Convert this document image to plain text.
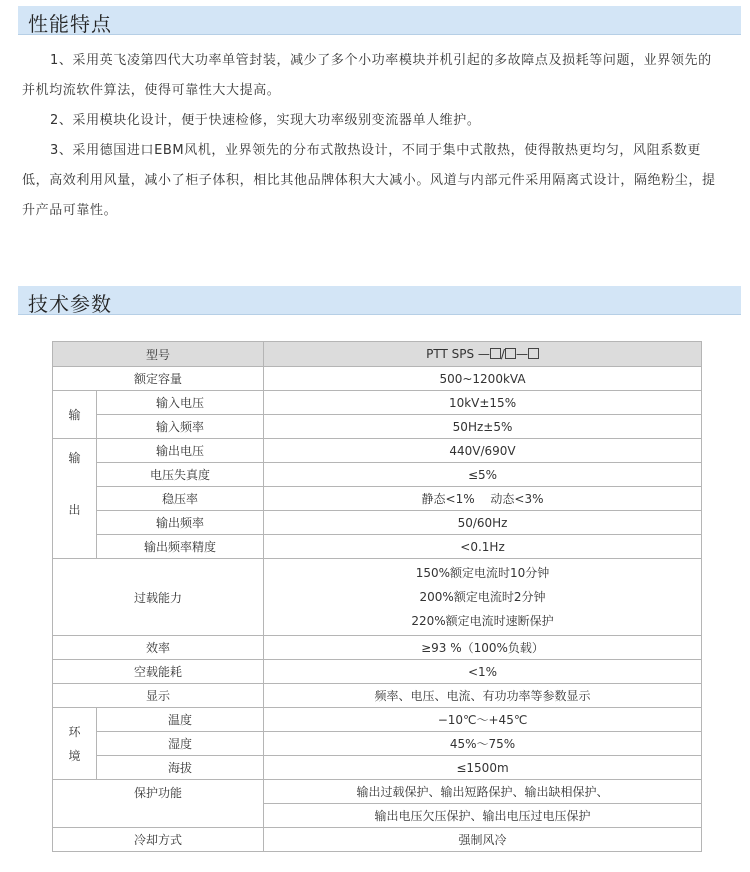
性能特点

1、采用英飞凌第四代大功率单管封装，减少了多个小功率模块并机引起的多故障点及损耗等问题，业界领先的并机均流软件算法，使得可靠性大大提高。

2、采用模块化设计，便于快速检修，实现大功率级别变流器单人维护。

3、采用德国进口EBM风机，业界领先的分布式散热设计，不同于集中式散热，使得散热更均匀，风阻系数更低，高效利用风量，减小了柜子体积，相比其他品牌体积大大减小。风道与内部元件采用隔离式设计，隔绝粉尘，提升产品可靠性。

技术参数
型号		PTT SPS — / —
额定容量		500~1200kVA

输	输入电压	10kV±15%
	输入频率	50Hz±5%

输
出	输出电压	440V/690V
	电压失真度	≤5%
	稳压率	静态<1%　 动态<3%
	输出频率	50/60Hz
	输出频率精度	<0.1Hz
过载能力		150%额定电流时10分钟
200%额定电流时2分钟
220%额定电流时速断保护

效率		≥93 %（100%负载）
空载能耗		<1%
显示		频率、电压、电流、有功功率等参数显示

环
境	温度	−10℃～+45℃
	湿度	45%～75%
	海拔	≤1500m
保护功能		输出过载保护、输出短路保护、输出缺相保护、
		输出电压欠压保护、输出电压过电压保护
冷却方式		强制风冷
